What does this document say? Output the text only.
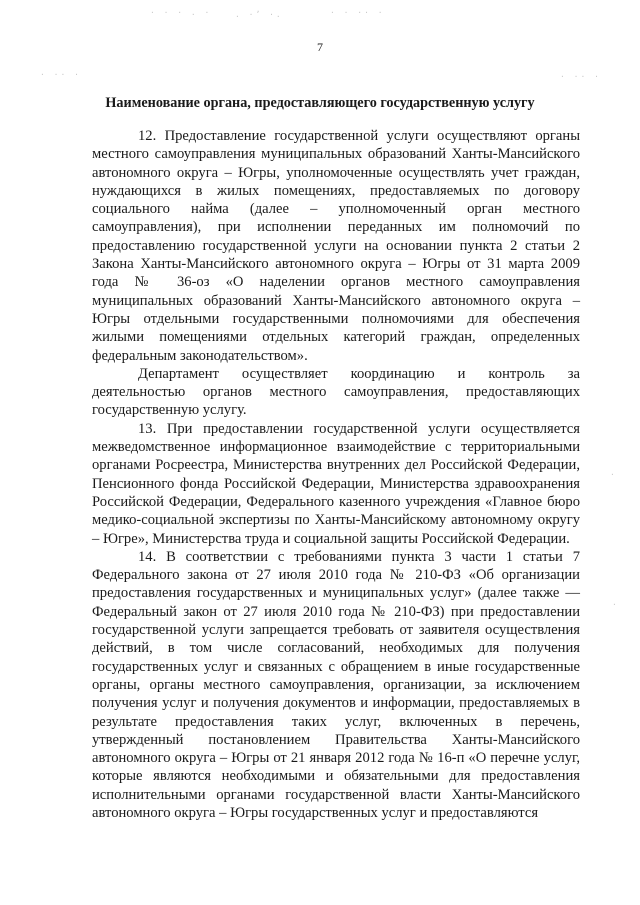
· · · . ·	. ·ʼ ·.	· · ·· ·
· ·· ·	· ·· ·
·
·
7
Наименование органа, предоставляющего государственную услугу

12. Предоставление государственной услуги осуществляют органы местного самоуправления муниципальных образований Ханты-Мансийского автономного округа – Югры, уполномоченные осуществлять учет граждан, нуждающихся в жилых помещениях, предоставляемых по договору социального найма (далее – уполномоченный орган местного самоуправления), при исполнении переданных им полномочий по предоставлению государственной услуги на основании пункта 2 статьи 2 Закона Ханты-Мансийского автономного округа – Югры от 31 марта 2009 года № 36-оз «О наделении органов местного самоуправления муниципальных образований Ханты-Мансийского автономного округа – Югры отдельными государственными полномочиями для обеспечения жилыми помещениями отдельных категорий граждан, определенных федеральным законодательством».

Департамент осуществляет координацию и контроль за деятельностью органов местного самоуправления, предоставляющих государственную услугу.

13. При предоставлении государственной услуги осуществляется межведомственное информационное взаимодействие с территориальными органами Росреестра, Министерства внутренних дел Российской Федерации, Пенсионного фонда Российской Федерации, Министерства здравоохранения Российской Федерации, Федерального казенного учреждения «Главное бюро медико-социальной экспертизы по Ханты-Мансийскому автономному округу – Югре», Министерства труда и социальной защиты Российской Федерации.

14. В соответствии с требованиями пункта 3 части 1 статьи 7 Федерального закона от 27 июля 2010 года № 210-ФЗ «Об организации предоставления государственных и муниципальных услуг» (далее также — Федеральный закон от 27 июля 2010 года № 210-ФЗ) при предоставлении государственной услуги запрещается требовать от заявителя осуществления действий, в том числе согласований, необходимых для получения государственных услуг и связанных с обращением в иные государственные органы, органы местного самоуправления, организации, за исключением получения услуг и получения документов и информации, предоставляемых в результате предоставления таких услуг, включенных в перечень, утвержденный постановлением Правительства Ханты-Мансийского автономного округа – Югры от 21 января 2012 года № 16-п «О перечне услуг, которые являются необходимыми и обязательными для предоставления исполнительными органами государственной власти Ханты-Мансийского автономного округа – Югры государственных услуг и предоставляются
